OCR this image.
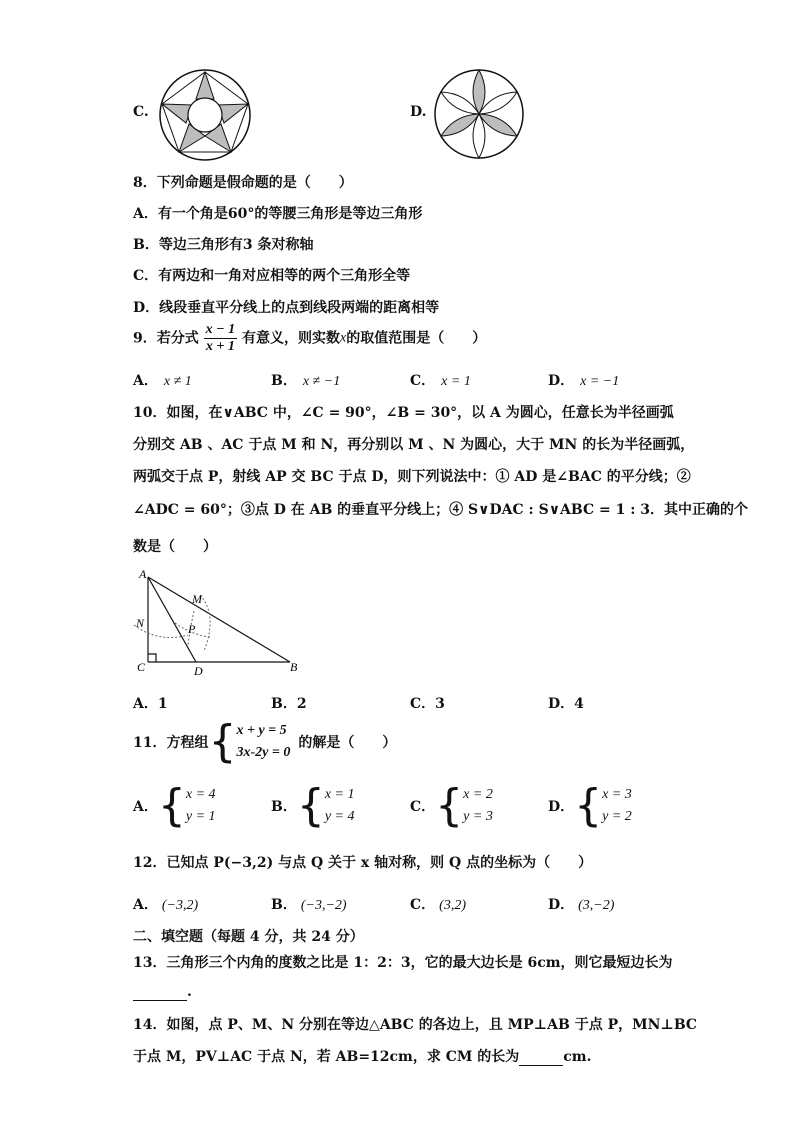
C.	D.
8．下列命题是假命题的是（　　）
A．有一个角是60°的等腰三角形是等边三角形
B．等边三角形有3 条对称轴
C．有两边和一角对应相等的两个三角形全等
D．线段垂直平分线上的点到线段两端的距离相等
9．若分式 $\frac{x - 1}{x + 1}$ 有意义，则实数x的取值范围是（　　）
A． x ≠ 1	B． x ≠ −1	C． x = 1	D． x = −1
10．如图，在∨ABC 中，∠C = 90°，∠B = 30°，以 A 为圆心，任意长为半径画弧
分别交 AB 、AC 于点 M 和 N，再分别以 M 、N 为圆心，大于 MN 的长为半径画弧，
两弧交于点 P，射线 AP 交 BC 于点 D，则下列说法中：① AD 是∠BAC 的平分线；②
∠ADC = 60°；③点 D 在 AB 的垂直平分线上；④ S∨DAC : S∨ABC = 1 : 3．其中正确的个
数是（　　）
A
B
C	D
M
N	P
A．1	B．2	C．3	D．4
11．方程组{ x + y = 5
3x-2y = 0
的解是（　　）
A．{ x = 4
y = 1
B．{ x = 1
y = 4
C．{ x = 2
y = 3
D．{ x = 3
y = 2
12．已知点 P(−3,2) 与点 Q 关于 x 轴对称，则 Q 点的坐标为（　　）
A． (−3,2)	B． (−3,−2)	C． (3,2)	D． (3,−2)
二、填空题（每题 4 分，共 24 分）
13．三角形三个内角的度数之比是 1：2：3，它的最大边长是 6cm，则它最短边长为
.
14．如图，点 P、M、N 分别在等边△ABC 的各边上，且 MP⊥AB 于点 P，MN⊥BC
于点 M，PV⊥AC 于点 N，若 AB=12cm，求 CM 的长为	cm.
